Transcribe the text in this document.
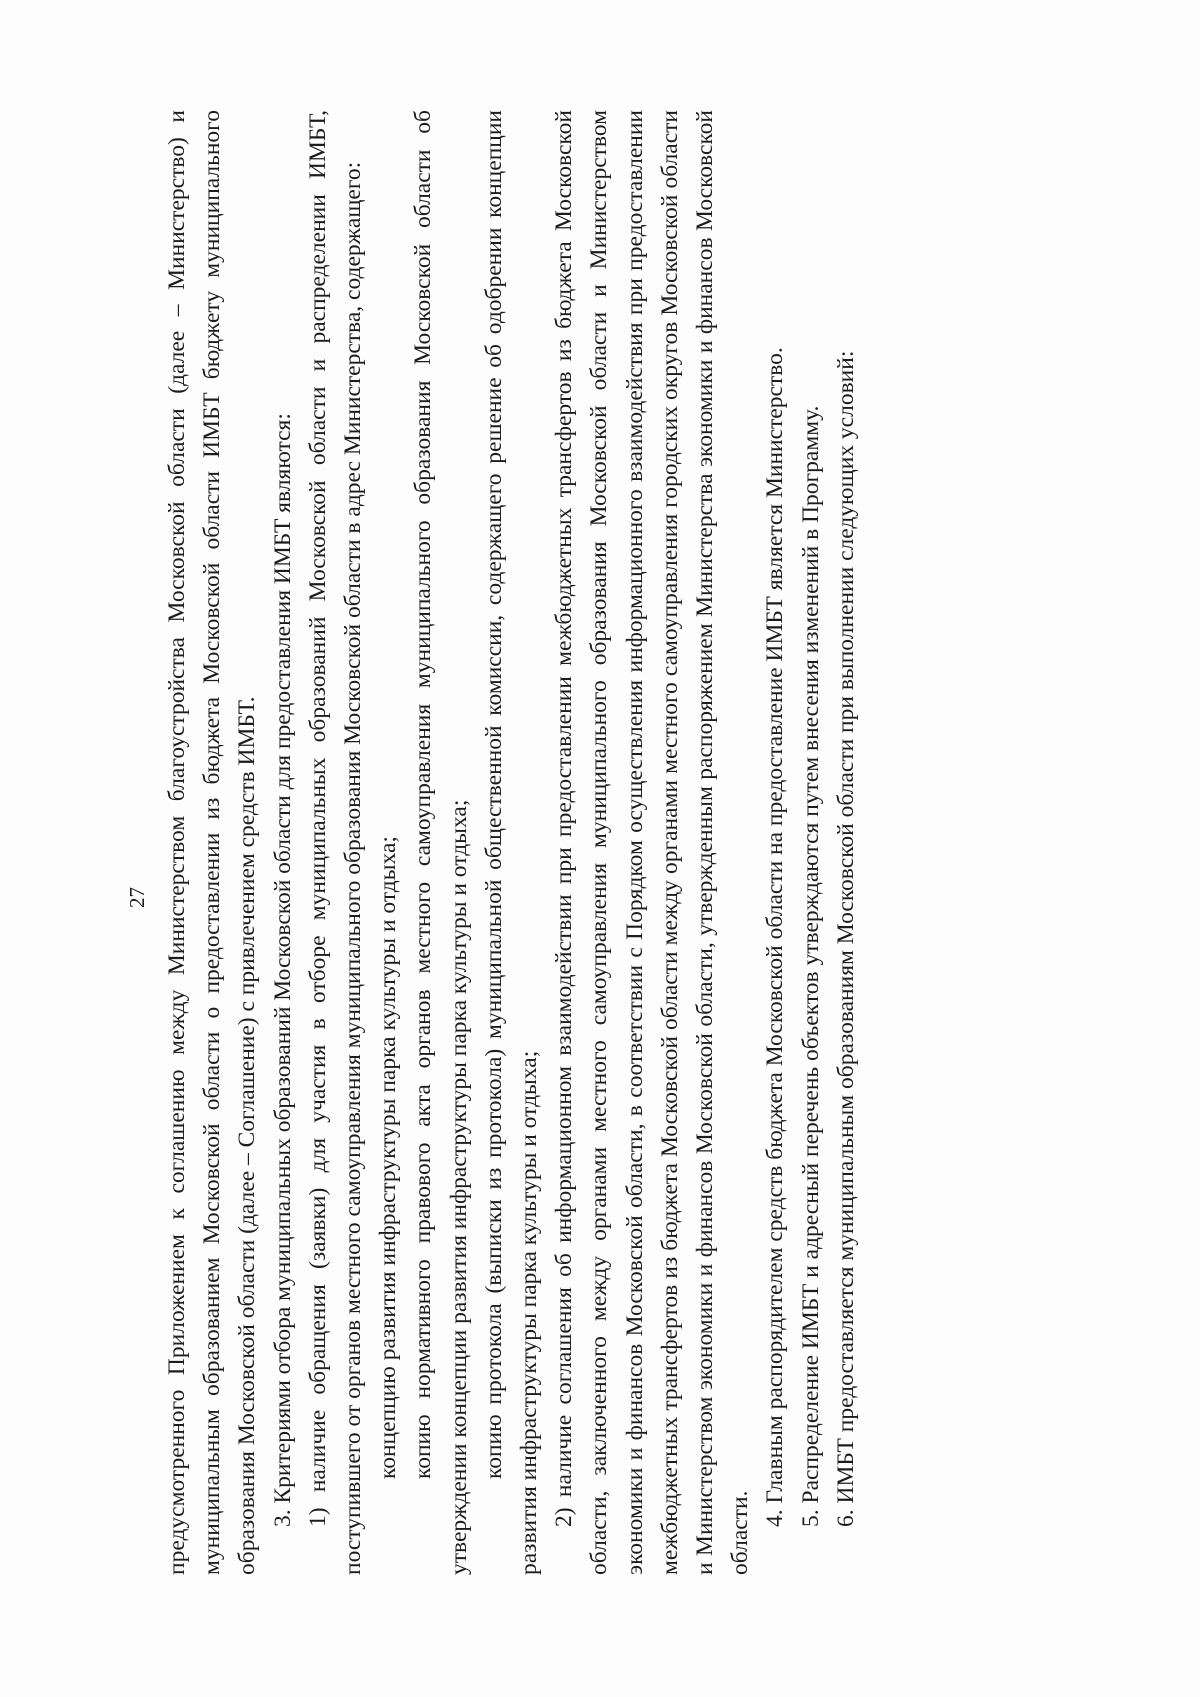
27 предусмотренного Приложением к соглашению между Министерством благоустройства Московской области (далее – Министерство) и муниципальным образованием Московской области о предоставлении из бюджета Московской области ИМБТ бюджету муниципального образования Московской области (далее – Соглашение) с привлечением средств ИМБТ. 3. Критериями отбора муниципальных образований Московской области для предоставления ИМБТ являются: 1) наличие обращения (заявки) для участия в отборе муниципальных образований Московской области и распределении ИМБТ, поступившего от органов местного самоуправления муниципального образования Московской области в адрес Министерства, содержащего: концепцию развития инфраструктуры парка культуры и отдыха; копию нормативного правового акта органов местного самоуправления муниципального образования Московской области об утверждении концепции развития инфраструктуры парка культуры и отдыха; копию протокола (выписки из протокола) муниципальной общественной комиссии, содержащего решение об одобрении концепции развития инфраструктуры парка культуры и отдыха; 2) наличие соглашения об информационном взаимодействии при предоставлении межбюджетных трансфертов из бюджета Московской области, заключенного между органами местного самоуправления муниципального образования Московской области и Министерством экономики и финансов Московской области, в соответствии с Порядком осуществления информационного взаимодействия при предоставлении межбюджетных трансфертов из бюджета Московской области между органами местного самоуправления городских округов Московской области и Министерством экономики и финансов Московской области, утвержденным распоряжением Министерства экономики и финансов Московской области.

4. Главным распорядителем средств бюджета Московской области на предоставление ИМБТ является Министерство. 5. Распределение ИМБТ и адресный перечень объектов утверждаются путем внесения изменений в Программу. 6. ИМБТ предоставляется муниципальным образованиям Московской области при выполнении следующих условий:
